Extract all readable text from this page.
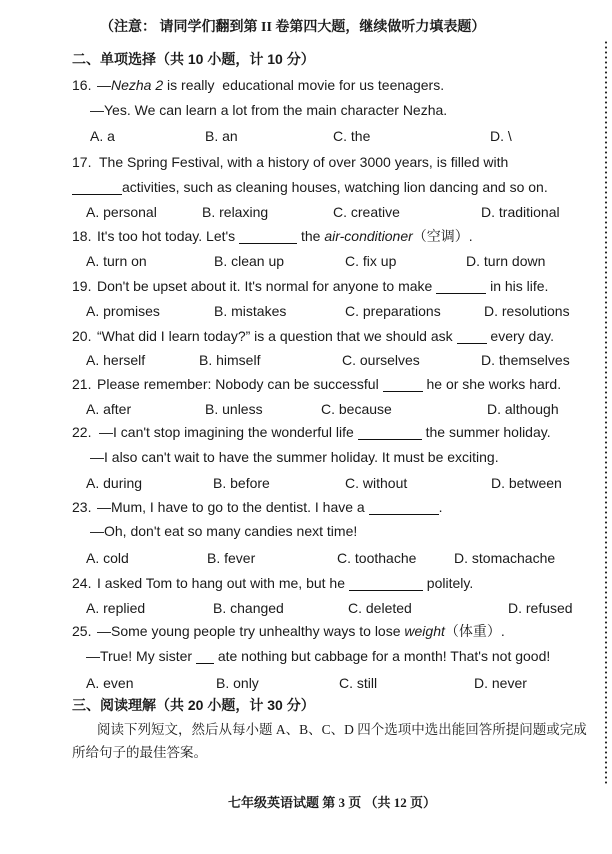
（注意： 请同学们翻到第 II 卷第四大题，继续做听力填表题）
二、单项选择（共 10 小题，计 10 分）
16. —Nezha 2 is really  educational movie for us teenagers.
—Yes. We can learn a lot from the main character Nezha.
A. a	B. an	C. the	D. \
17. The Spring Festival, with a history of over 3000 years, is filled with
activities, such as cleaning houses, watching lion dancing and so on.
A. personal	B. relaxing	C. creative	D. traditional
18. It's too hot today. Let's	the air-conditioner（空调）.
A. turn on	B. clean up	C. fix up	D. turn down
19. Don't be upset about it. It's normal for anyone to make	in his life.
A. promises	B. mistakes	C. preparations	D. resolutions
20. “What did I learn today?” is a question that we should ask  every day.
A. herself	B. himself	C. ourselves	D. themselves
21. Please remember: Nobody can be successful	he or she works hard.
A. after	B. unless	C. because	D. although
22. —I can't stop imagining the wonderful life	the summer holiday.
—I also can't wait to have the summer holiday. It must be exciting.
A. during	B. before	C. without	D. between
23. —Mum, I have to go to the dentist. I have a	.
—Oh, don't eat so many candies next time!
A. cold	B. fever	C. toothache	D. stomachache
24. I asked Tom to hang out with me, but he	politely.
A. replied	B. changed	C. deleted	D. refused
25. —Some young people try unhealthy ways to lose weight（体重）.
—True! My sister  ate nothing but cabbage for a month! That's not good!
A. even	B. only	C. still	D. never
三、阅读理解（共 20 小题，计 30 分）
阅读下列短文，然后从每小题 A、B、C、D 四个选项中选出能回答所提问题或完成
所给句子的最佳答案。
七年级英语试题 第 3 页 （共 12 页）
